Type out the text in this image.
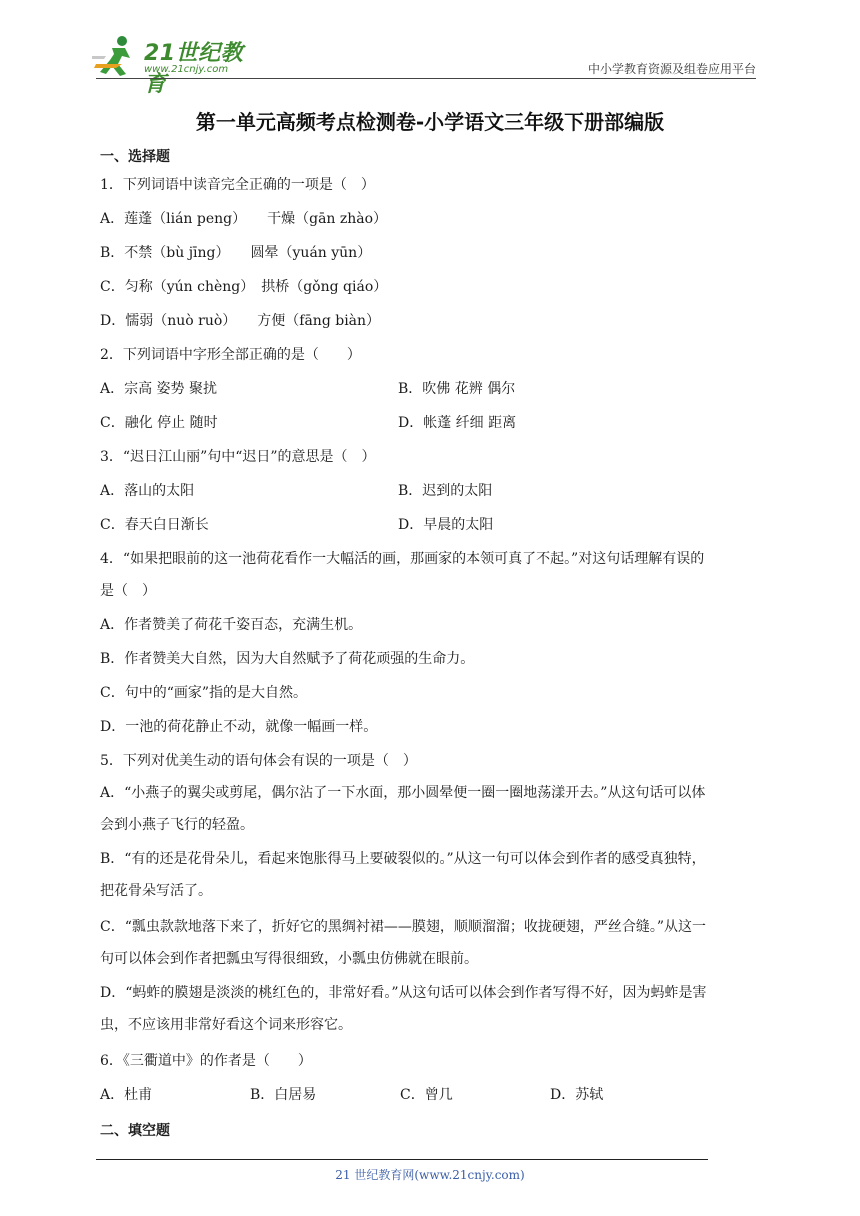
21世纪教育
www.21cnjy.com	中小学教育资源及组卷应用平台
第一单元高频考点检测卷-小学语文三年级下册部编版
一、选择题
1．下列词语中读音完全正确的一项是（　）
A．莲蓬（lián peng）　　干燥（gān zhào）
B．不禁（bù jīng）　　圆晕（yuán yūn）
C．匀称（yún chèng）　拱桥（gǒng qiáo）
D．懦弱（nuò ruò）　　方便（fāng biàn）
2．下列词语中字形全部正确的是（　　）
A．宗高 姿势 聚扰	B．吹佛 花辨 偶尔
C．融化 停止 随时	D．帐蓬 纤细 距离
3．“迟日江山丽”句中“迟日”的意思是（　）
A．落山的太阳	B．迟到的太阳
C．春天白日渐长	D．早晨的太阳
4．“如果把眼前的这一池荷花看作一大幅活的画，那画家的本领可真了不起。”对这句话理解有误的
是（　）
A．作者赞美了荷花千姿百态，充满生机。
B．作者赞美大自然，因为大自然赋予了荷花顽强的生命力。
C．句中的“画家”指的是大自然。
D．一池的荷花静止不动，就像一幅画一样。
5．下列对优美生动的语句体会有误的一项是（　）
A．“小燕子的翼尖或剪尾，偶尔沾了一下水面，那小圆晕便一圈一圈地荡漾开去。”从这句话可以体
会到小燕子飞行的轻盈。
B．“有的还是花骨朵儿，看起来饱胀得马上要破裂似的。”从这一句可以体会到作者的感受真独特，
把花骨朵写活了。
C．“瓢虫款款地落下来了，折好它的黑绸衬裙——膜翅，顺顺溜溜；收拢硬翅，严丝合缝。”从这一
句可以体会到作者把瓢虫写得很细致，小瓢虫仿佛就在眼前。
D．“蚂蚱的膜翅是淡淡的桃红色的，非常好看。”从这句话可以体会到作者写得不好，因为蚂蚱是害
虫，不应该用非常好看这个词来形容它。
6．《三衢道中》的作者是（　　）
A．杜甫	B．白居易	C．曾几	D．苏轼
二、填空题
21 世纪教育网(www.21cnjy.com)
